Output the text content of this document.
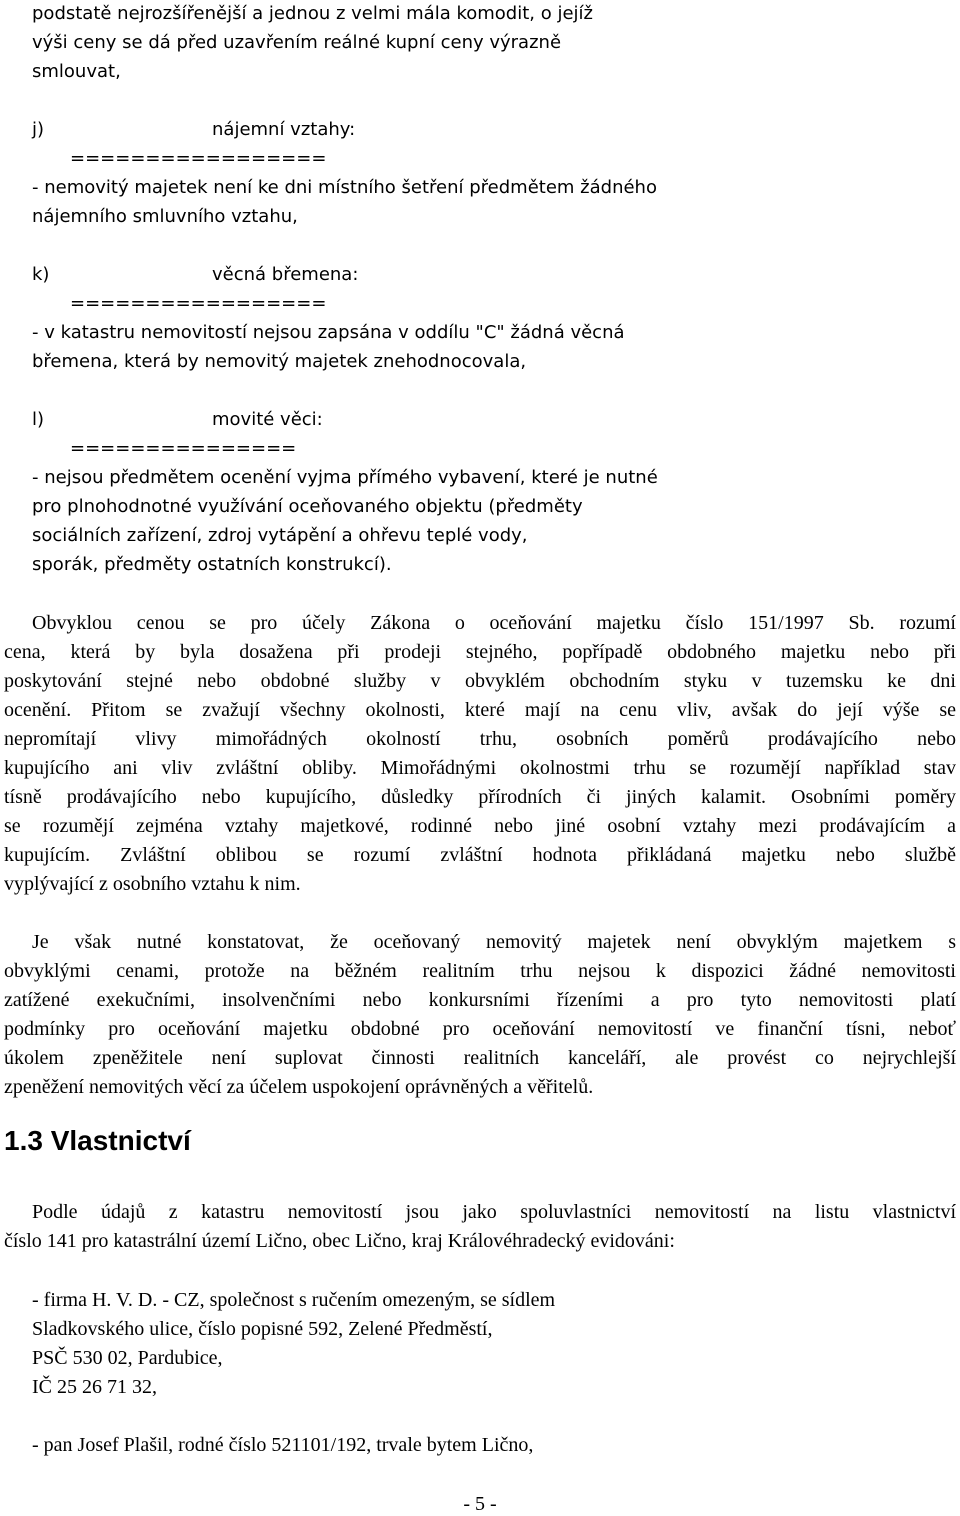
podstatě nejrozšířenější a jednou z velmi mála komodit, o jejíž
výši ceny se dá před uzavřením reálné kupní ceny výrazně
smlouvat,
j)	nájemní vztahy:
=================
- nemovitý majetek není ke dni místního šetření předmětem žádného
nájemního smluvního vztahu,
k)	věcná břemena:
=================
- v katastru nemovitostí nejsou zapsána v oddílu "C" žádná věcná
břemena, která by nemovitý majetek znehodnocovala,
l)	movité věci:
===============
- nejsou předmětem ocenění vyjma přímého vybavení, které je nutné
pro plnohodnotné využívání oceňovaného objektu (předměty
sociálních zařízení, zdroj vytápění a ohřevu teplé vody,
sporák, předměty ostatních konstrukcí).
Obvyklou cenou se pro účely Zákona o oceňování majetku číslo 151/1997 Sb. rozumí
cena, která by byla dosažena při prodeji stejného, popřípadě obdobného majetku nebo při
poskytování stejné nebo obdobné služby v obvyklém obchodním styku v tuzemsku ke dni
ocenění. Přitom se zvažují všechny okolnosti, které mají na cenu vliv, avšak do její výše se
nepromítají vlivy mimořádných okolností trhu, osobních poměrů prodávajícího nebo
kupujícího ani vliv zvláštní obliby. Mimořádnými okolnostmi trhu se rozumějí například stav
tísně prodávajícího nebo kupujícího, důsledky přírodních či jiných kalamit. Osobními poměry
se rozumějí zejména vztahy majetkové, rodinné nebo jiné osobní vztahy mezi prodávajícím a
kupujícím. Zvláštní oblibou se rozumí zvláštní hodnota přikládaná majetku nebo službě
vyplývající z osobního vztahu k nim.
Je však nutné konstatovat, že oceňovaný nemovitý majetek není obvyklým majetkem s
obvyklými cenami, protože na běžném realitním trhu nejsou k dispozici žádné nemovitosti
zatížené exekučními, insolvenčními nebo konkursními řízeními a pro tyto nemovitosti platí
podmínky pro oceňování majetku obdobné pro oceňování nemovitostí ve finanční tísni, neboť
úkolem zpeněžitele není suplovat činnosti realitních kanceláří, ale provést co nejrychlejší
zpeněžení nemovitých věcí za účelem uspokojení oprávněných a věřitelů.
1.3 Vlastnictví
Podle údajů z katastru nemovitostí jsou jako spoluvlastníci nemovitostí na listu vlastnictví
číslo 141 pro katastrální území Lično, obec Lično, kraj Královéhradecký evidováni:
- firma H. V. D. - CZ, společnost s ručením omezeným, se sídlem
Sladkovského ulice, číslo popisné 592, Zelené Předměstí,
PSČ 530 02, Pardubice,
IČ 25 26 71 32,
- pan Josef Plašil, rodné číslo 521101/192, trvale bytem Lično,
- 5 -
